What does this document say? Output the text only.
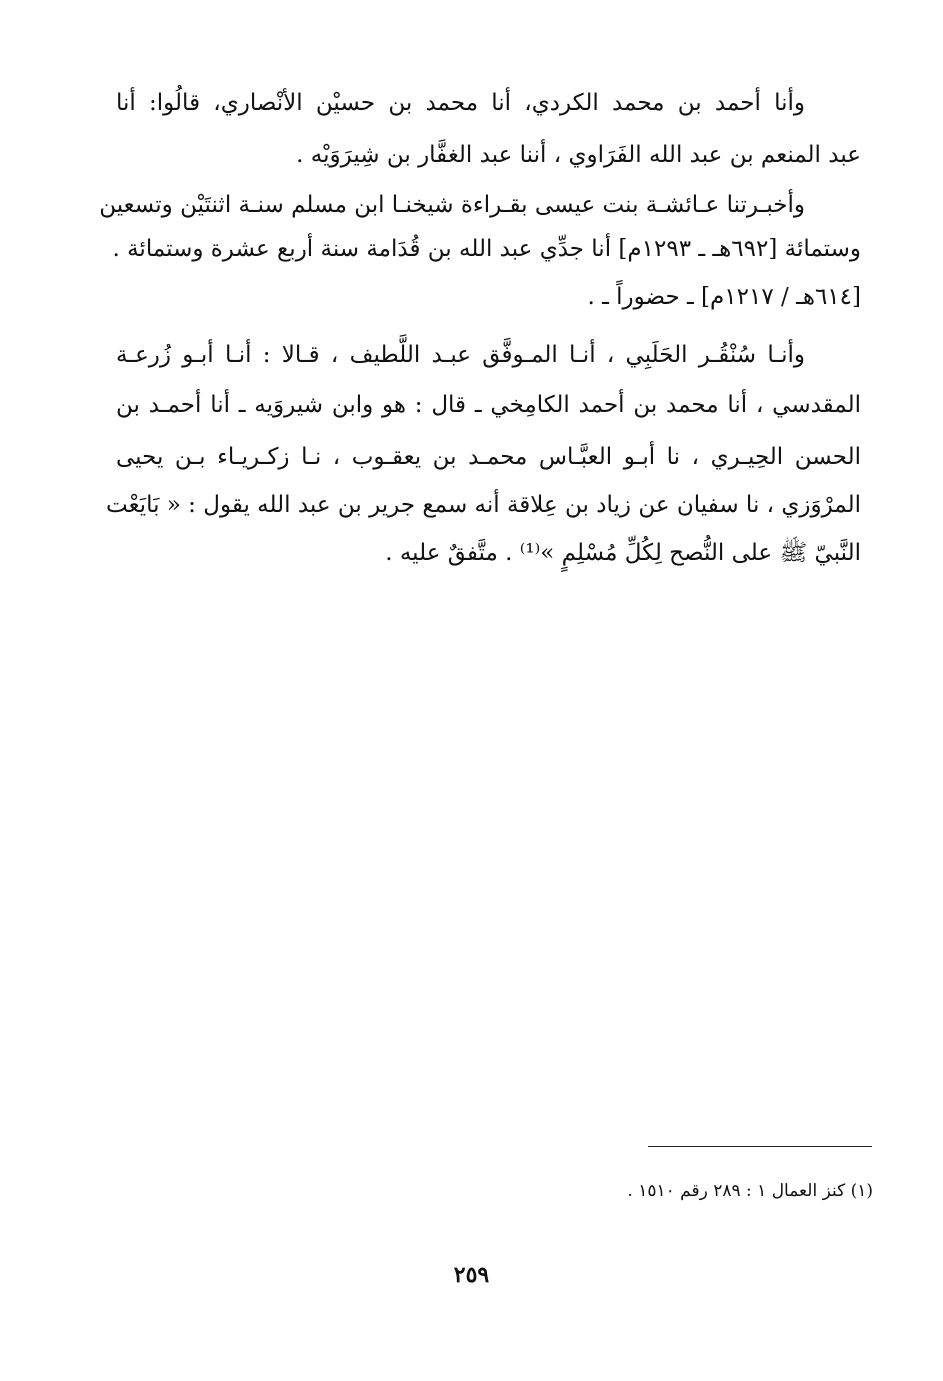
وأنا أحمد بن محمد الكردي، أنا محمد بن حسيْن الأنْصاري، قالُوا: أنا
عبد المنعم بن عبد الله الفَرَاوي ، أننا عبد الغفَّار بن شِيرَوَيْه .
وأخبـرتنا عـائشـة بنت عيسى بقـراءة شيخنـا ابن مسلم سنـة اثنتَيْن وتسعين
وستمائة [٦٩٢هـ ـ ١٢٩٣م] أنا جدِّي عبد الله بن قُدَامة سنة أربع عشرة وستمائة .
[٦١٤هـ / ١٢١٧م] ـ حضوراً ـ .
وأنـا سُنْقُـر الحَلَبِي ، أنـا المـوفَّق عبـد اللَّطيف ، قـالا : أنـا أبـو زُرعـة
المقدسي ، أنا محمد بن أحمد الكامِخي ـ قال : هو وابن شيروَيه ـ أنا أحمـد بن
الحسن الحِيـري ، نا أبـو العبَّـاس محمـد بن يعقـوب ، نـا زكـريـاء بـن يحيى
المرْوَزي ، نا سفيان عن زياد بن عِلاقة أنه سمع جرير بن عبد الله يقول : « بَايَعْت
النَّبيّ ﷺ على النُّصح لِكُلِّ مُسْلِمٍ »⁽¹⁾ . متَّفقٌ عليه .
(١) كنز العمال ١ : ٢٨٩ رقم ١٥١٠ .
٢٥٩
